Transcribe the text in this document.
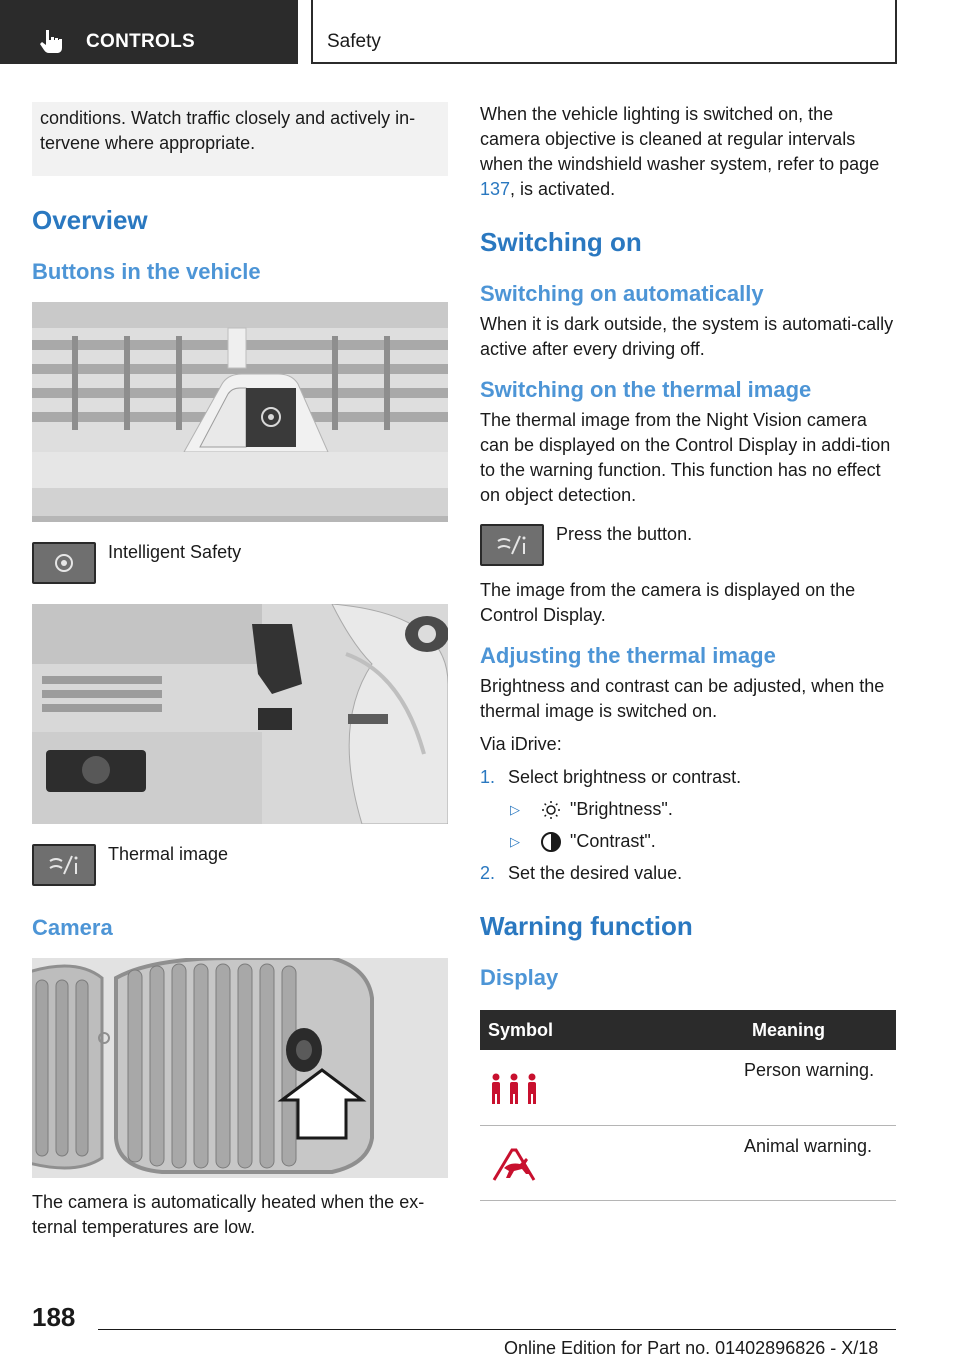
CONTROLS	Safety

conditions. Watch traffic closely and actively in-tervene where appropriate.

Overview
Buttons in the vehicle
Intelligent Safety
Thermal image
Camera

The camera is automatically heated when the ex-ternal temperatures are low.

When the vehicle lighting is switched on, the camera objective is cleaned at regular intervals when the windshield washer system, refer to page 137, is activated.

Switching on
Switching on automatically

When it is dark outside, the system is automati-cally active after every driving off.

Switching on the thermal image

The thermal image from the Night Vision camera can be displayed on the Control Display in addi-tion to the warning function. This function has no effect on object detection.

Press the button.

The image from the camera is displayed on the Control Display.

Adjusting the thermal image

Brightness and contrast can be adjusted, when the thermal image is switched on.

Via iDrive:

1. Select brightness or contrast.
▷	"Brightness".
▷	"Contrast".
2. Set the desired value.
Warning function
Display
Symbol	Meaning
	Person warning.
	Animal warning.
188
Online Edition for Part no. 01402896826 - X/18
